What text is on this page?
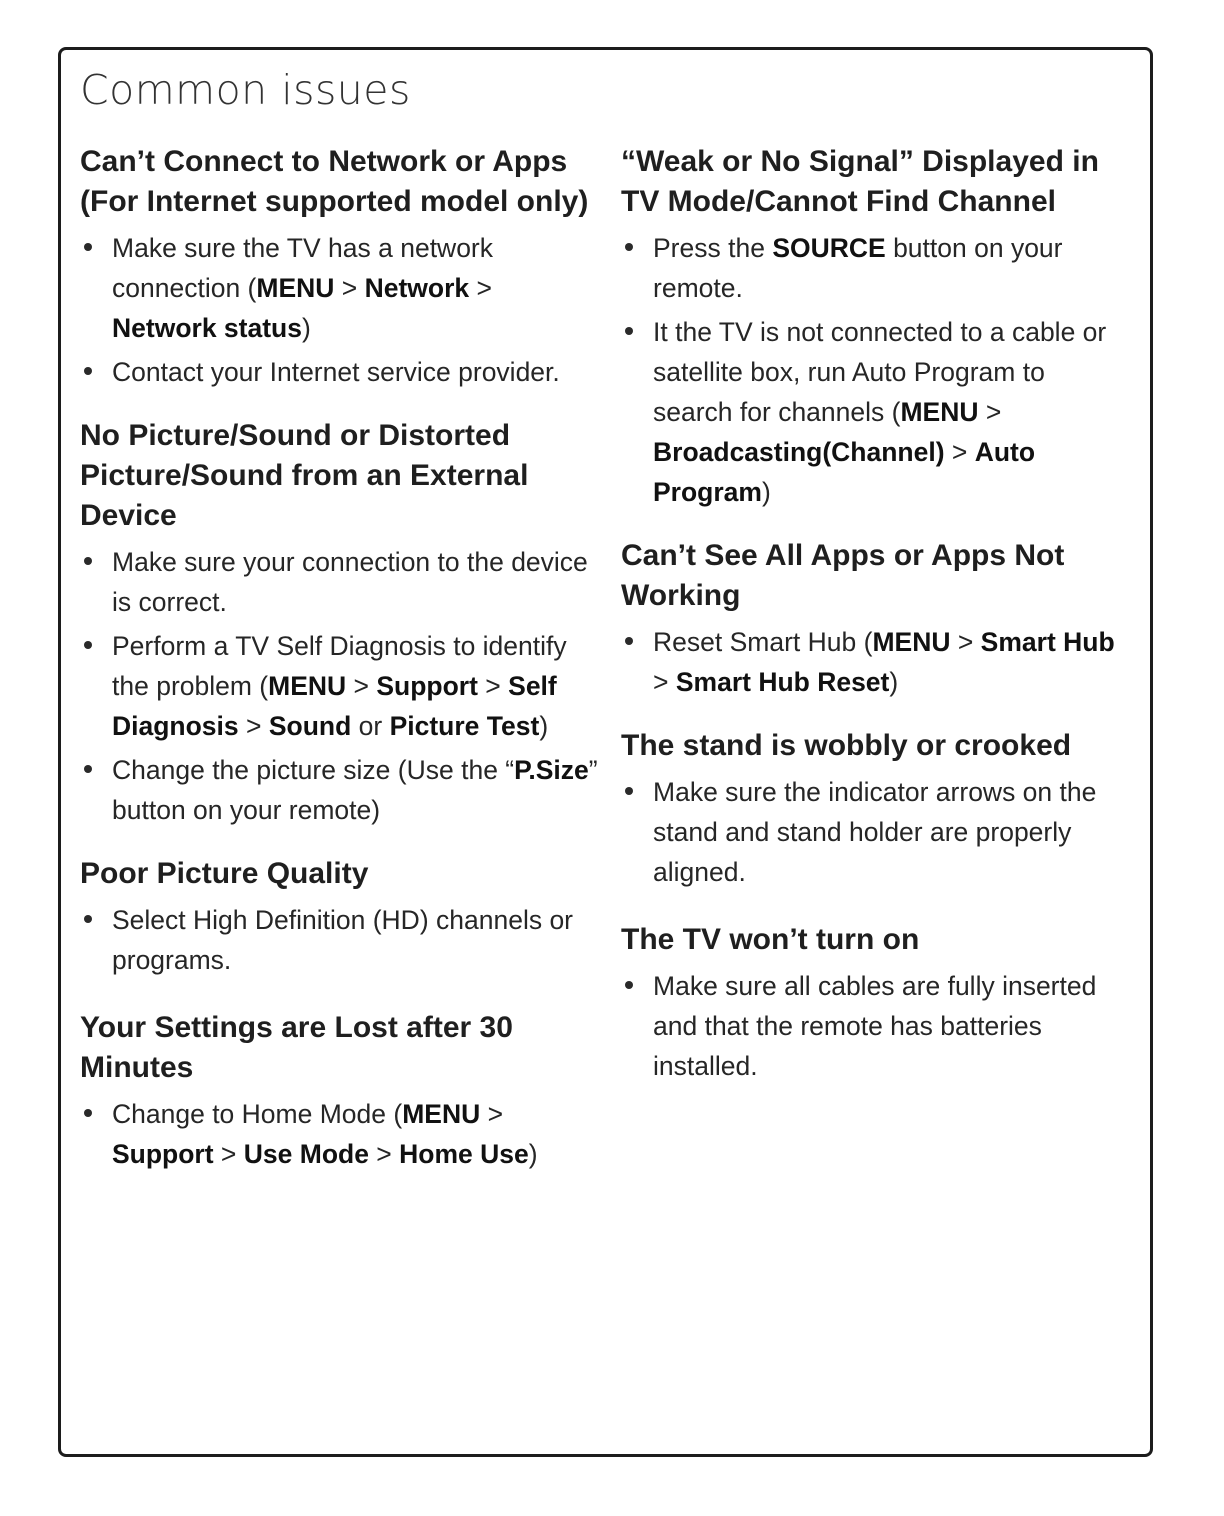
Common issues
Can’t Connect to Network or Apps (For Internet supported model only)
Make sure the TV has a network connection (MENU > Network > Network status)
Contact your Internet service provider.
No Picture/Sound or Distorted Picture/Sound from an External Device
Make sure your connection to the device is correct.
Perform a TV Self Diagnosis to identify the problem (MENU > Support > Self Diagnosis > Sound or Picture Test)
Change the picture size (Use the “P.Size” button on your remote)
Poor Picture Quality
Select High Definition (HD) channels or programs.
Your Settings are Lost after 30 Minutes
Change to Home Mode (MENU > Support > Use Mode > Home Use)
“Weak or No Signal” Displayed in TV Mode/Cannot Find Channel
Press the SOURCE button on your remote.
It the TV is not connected to a cable or satellite box, run Auto Program to search for channels (MENU > Broadcasting(Channel) > Auto Program)
Can’t See All Apps or Apps Not Working
Reset Smart Hub (MENU > Smart Hub > Smart Hub Reset)
The stand is wobbly or crooked
Make sure the indicator arrows on the stand and stand holder are properly aligned.
The TV won’t turn on
Make sure all cables are fully inserted and that the remote has batteries installed.
